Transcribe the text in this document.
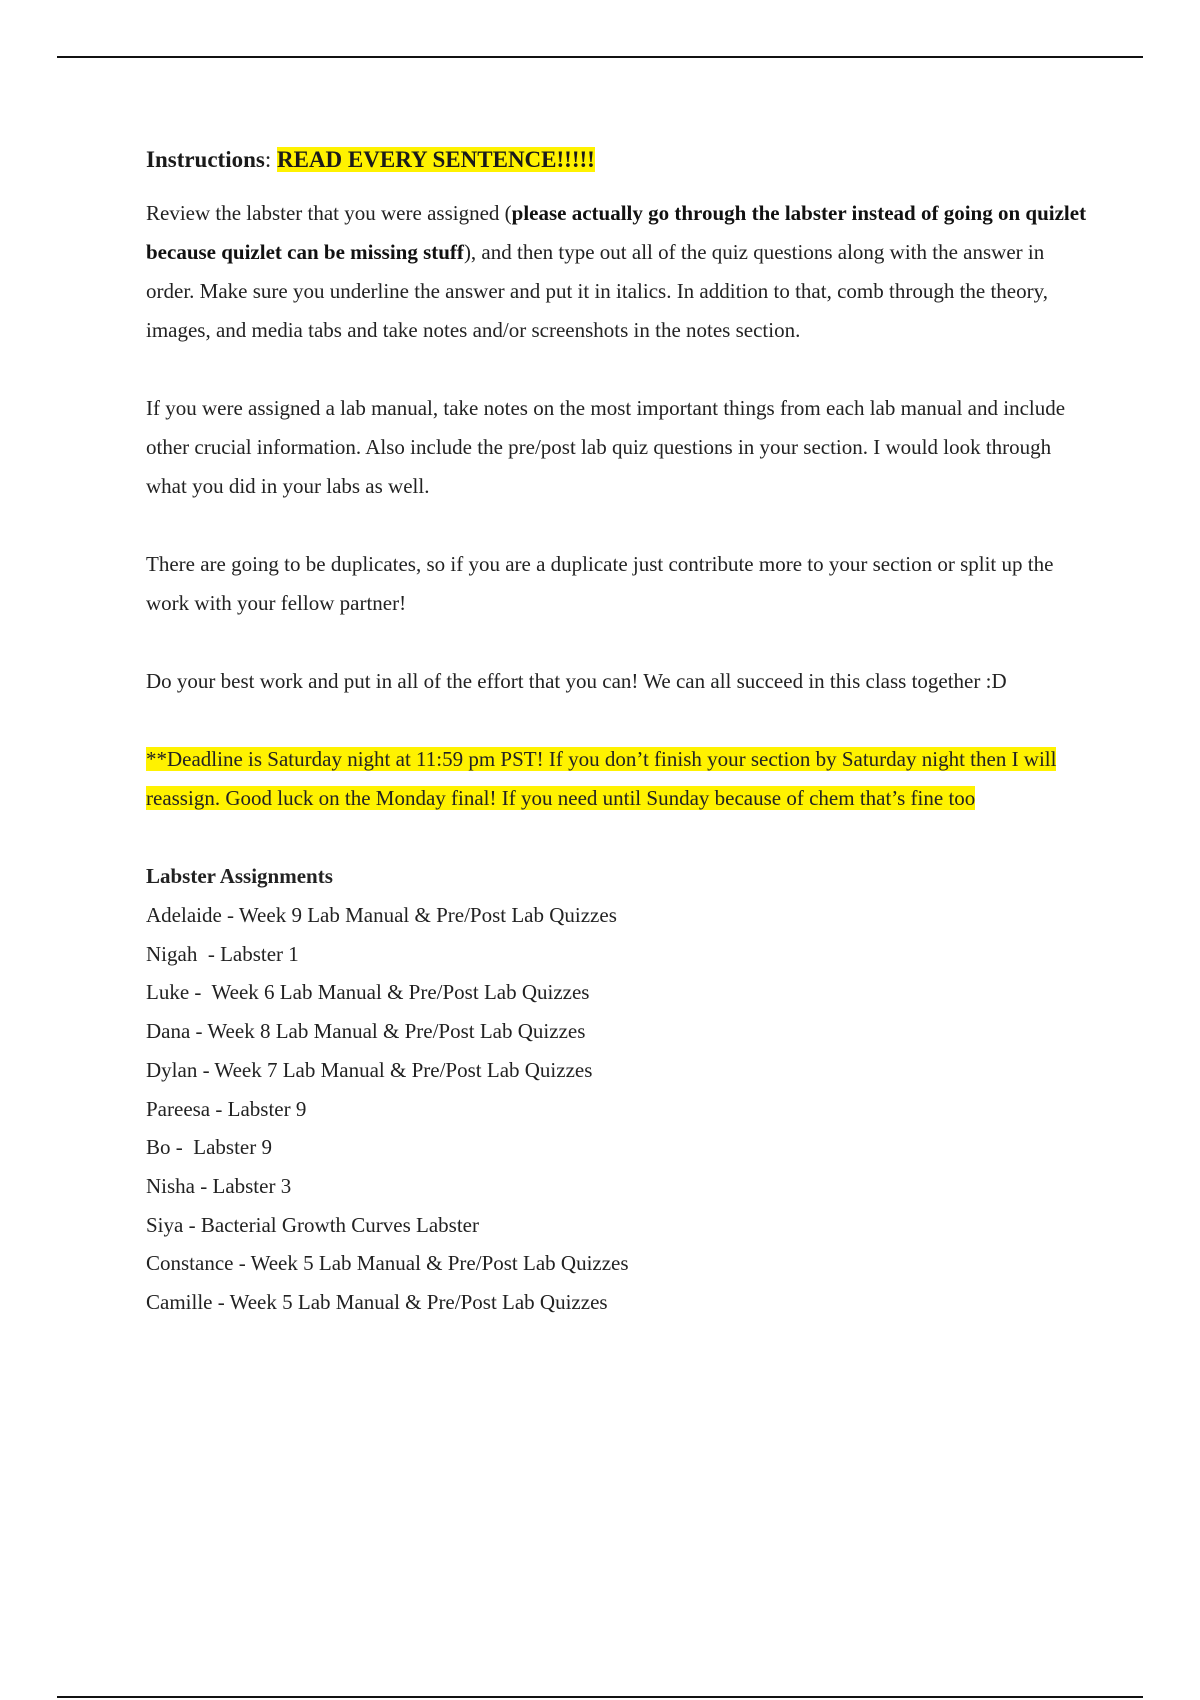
Instructions: READ EVERY SENTENCE!!!!!

Review the labster that you were assigned (please actually go through the labster instead of going on quizlet because quizlet can be missing stuff), and then type out all of the quiz questions along with the answer in order. Make sure you underline the answer and put it in italics. In addition to that, comb through the theory, images, and media tabs and take notes and/or screenshots in the notes section.

If you were assigned a lab manual, take notes on the most important things from each lab manual and include other crucial information. Also include the pre/post lab quiz questions in your section. I would look through what you did in your labs as well.

There are going to be duplicates, so if you are a duplicate just contribute more to your section or split up the work with your fellow partner!

Do your best work and put in all of the effort that you can! We can all succeed in this class together :D

**Deadline is Saturday night at 11:59 pm PST! If you don’t finish your section by Saturday night then I will reassign. Good luck on the Monday final! If you need until Sunday because of chem that’s fine too

Labster Assignments

Adelaide - Week 9 Lab Manual & Pre/Post Lab Quizzes
Nigah  - Labster 1
Luke -  Week 6 Lab Manual & Pre/Post Lab Quizzes
Dana - Week 8 Lab Manual & Pre/Post Lab Quizzes
Dylan - Week 7 Lab Manual & Pre/Post Lab Quizzes
Pareesa - Labster 9
Bo -  Labster 9
Nisha - Labster 3
Siya - Bacterial Growth Curves Labster
Constance - Week 5 Lab Manual & Pre/Post Lab Quizzes
Camille - Week 5 Lab Manual & Pre/Post Lab Quizzes
